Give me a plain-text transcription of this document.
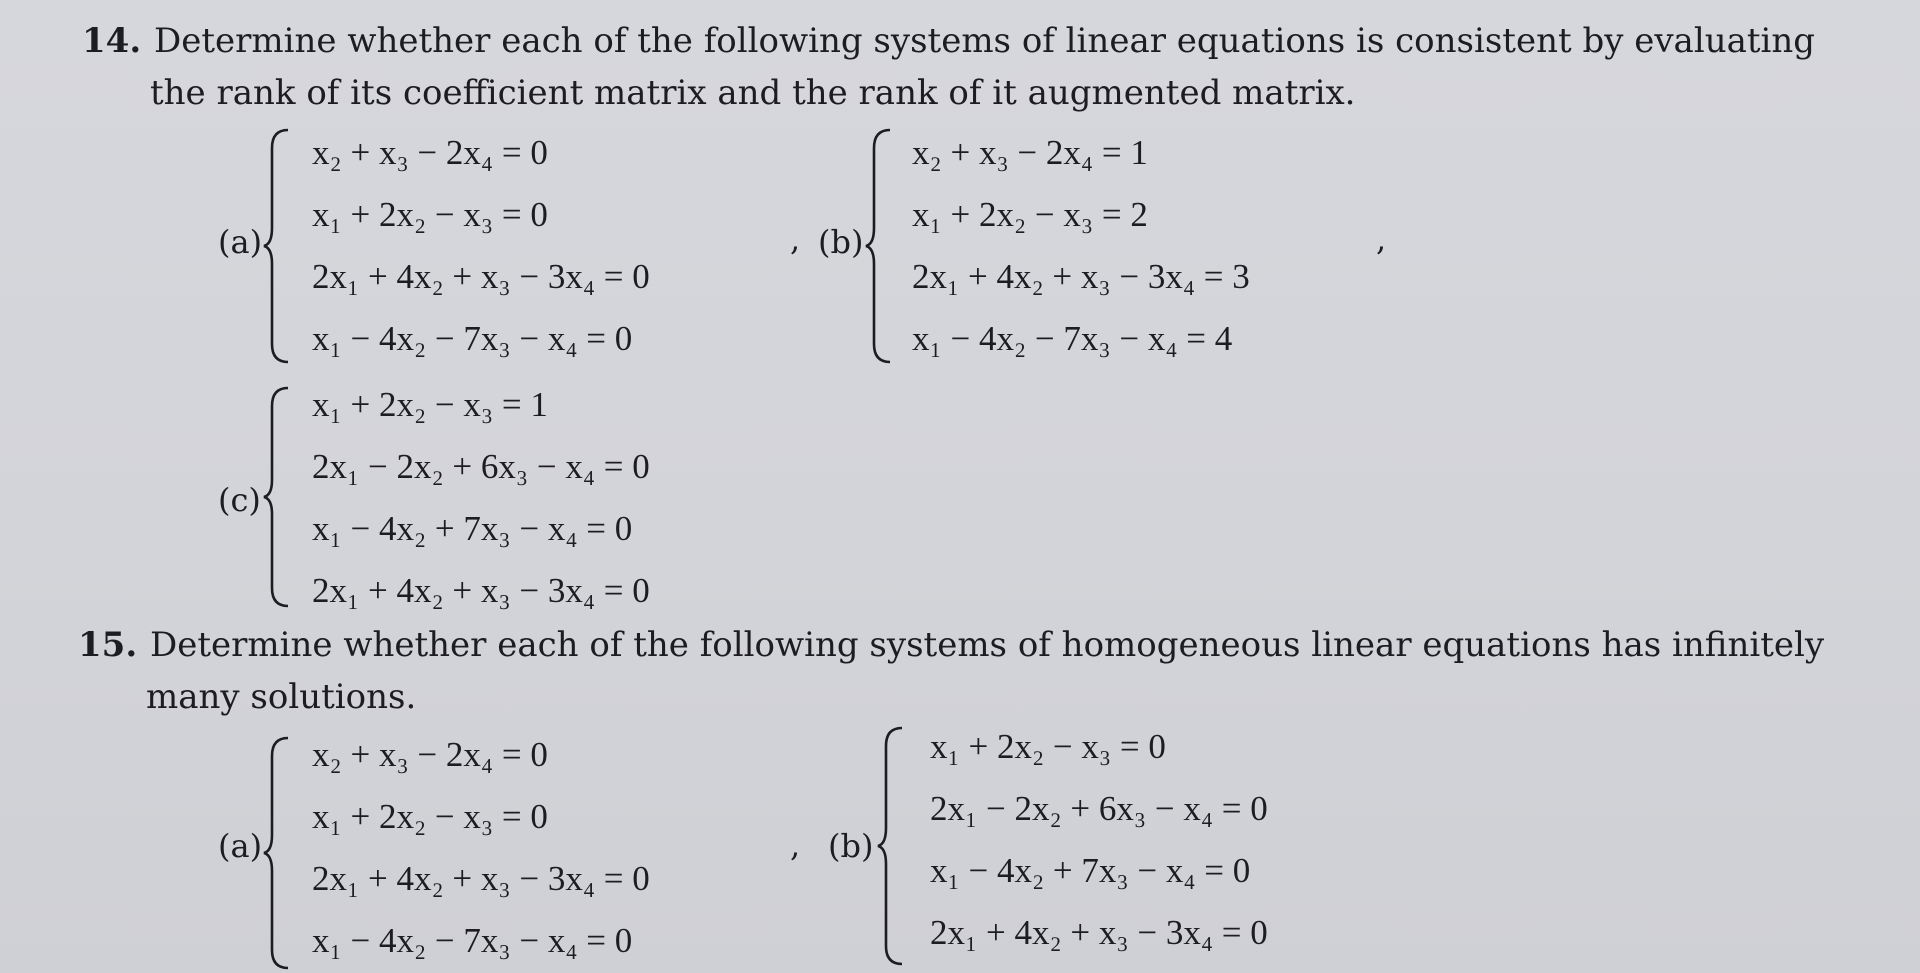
14. Determine whether each of the following systems of linear equations is consistent by evaluating
the rank of its coefficient matrix and the rank of it augmented matrix.
(a)
x₂ + x₃ − 2x₄ = 0
x₁ + 2x₂ − x₃ = 0
2x₁ + 4x₂ + x₃ − 3x₄ = 0
x₁ − 4x₂ − 7x₃ − x₄ = 0
, (b)
x₂ + x₃ − 2x₄ = 1
x₁ + 2x₂ − x₃ = 2
2x₁ + 4x₂ + x₃ − 3x₄ = 3
x₁ − 4x₂ − 7x₃ − x₄ = 4
,
(c)
x₁ + 2x₂ − x₃ = 1
2x₁ − 2x₂ + 6x₃ − x₄ = 0
x₁ − 4x₂ + 7x₃ − x₄ = 0
2x₁ + 4x₂ + x₃ − 3x₄ = 0
15. Determine whether each of the following systems of homogeneous linear equations has infinitely
many solutions.
(a)
x₂ + x₃ − 2x₄ = 0
x₁ + 2x₂ − x₃ = 0
2x₁ + 4x₂ + x₃ − 3x₄ = 0
x₁ − 4x₂ − 7x₃ − x₄ = 0
, (b)
x₁ + 2x₂ − x₃ = 0
2x₁ − 2x₂ + 6x₃ − x₄ = 0
x₁ − 4x₂ + 7x₃ − x₄ = 0
2x₁ + 4x₂ + x₃ − 3x₄ = 0
